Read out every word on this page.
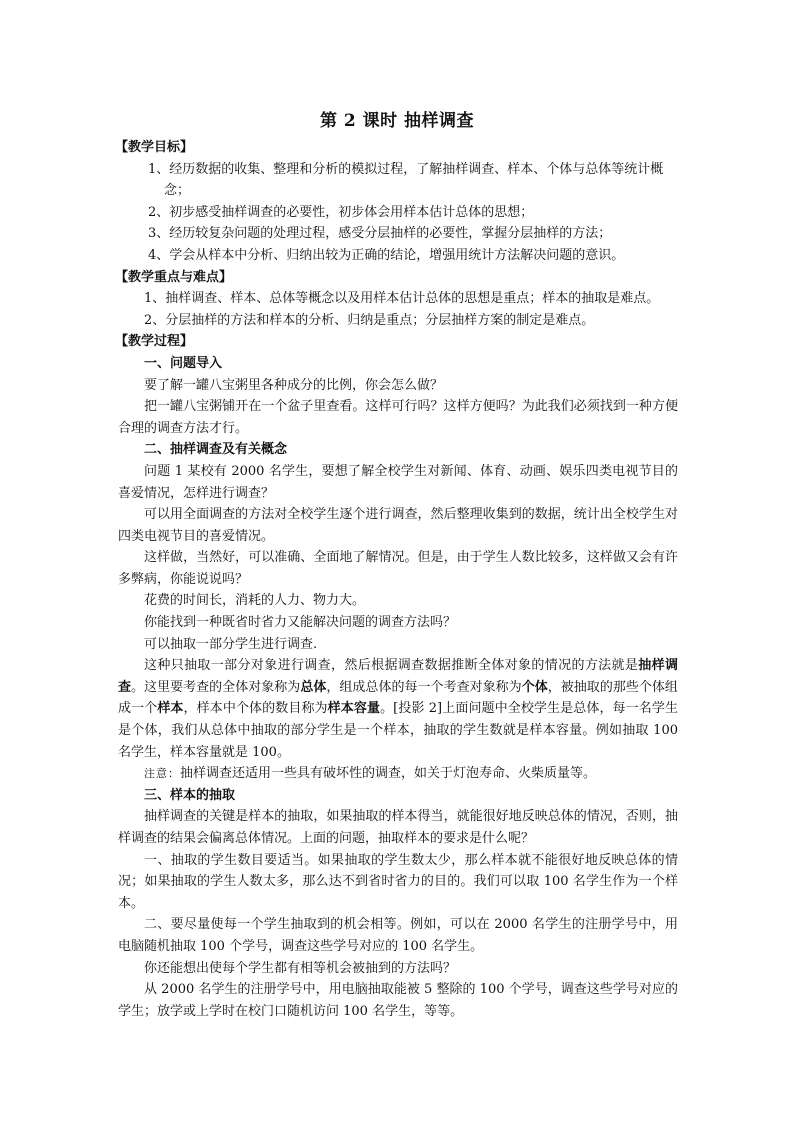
第 2 课时 抽样调查
【教学目标】
1、经历数据的收集、整理和分析的模拟过程，了解抽样调查、样本、个体与总体等统计概念；
2、初步感受抽样调查的必要性，初步体会用样本估计总体的思想；
3、经历较复杂问题的处理过程，感受分层抽样的必要性，掌握分层抽样的方法；
4、学会从样本中分析、归纳出较为正确的结论，增强用统计方法解决问题的意识。
【教学重点与难点】

1、抽样调查、样本、总体等概念以及用样本估计总体的思想是重点；样本的抽取是难点。

2、分层抽样的方法和样本的分析、归纳是重点；分层抽样方案的制定是难点。

【教学过程】
一、问题导入

要了解一罐八宝粥里各种成分的比例，你会怎么做？

把一罐八宝粥铺开在一个盆子里查看。这样可行吗？这样方便吗？为此我们必须找到一种方便合理的调查方法才行。

二、抽样调查及有关概念

问题 1 某校有 2000 名学生，要想了解全校学生对新闻、体育、动画、娱乐四类电视节目的喜爱情况，怎样进行调查？

可以用全面调查的方法对全校学生逐个进行调查，然后整理收集到的数据，统计出全校学生对四类电视节目的喜爱情况。

这样做，当然好，可以准确、全面地了解情况。但是，由于学生人数比较多，这样做又会有许多弊病，你能说说吗？

花费的时间长，消耗的人力、物力大。

你能找到一种既省时省力又能解决问题的调查方法吗？

可以抽取一部分学生进行调查.

这种只抽取一部分对象进行调查，然后根据调查数据推断全体对象的情况的方法就是抽样调查。这里要考查的全体对象称为总体，组成总体的每一个考查对象称为个体，被抽取的那些个体组成一个样本，样本中个体的数目称为样本容量。[投影 2]上面问题中全校学生是总体，每一名学生是个体，我们从总体中抽取的部分学生是一个样本，抽取的学生数就是样本容量。例如抽取 100 名学生，样本容量就是 100。

注意：抽样调查还适用一些具有破坏性的调查，如关于灯泡寿命、火柴质量等。

三、样本的抽取

抽样调查的关键是样本的抽取，如果抽取的样本得当，就能很好地反映总体的情况，否则，抽样调查的结果会偏离总体情况。上面的问题，抽取样本的要求是什么呢？

一、抽取的学生数目要适当。如果抽取的学生数太少，那么样本就不能很好地反映总体的情况；如果抽取的学生人数太多，那么达不到省时省力的目的。我们可以取 100 名学生作为一个样本。

二、要尽量使每一个学生抽取到的机会相等。例如，可以在 2000 名学生的注册学号中，用电脑随机抽取 100 个学号，调查这些学号对应的 100 名学生。

你还能想出使每个学生都有相等机会被抽到的方法吗？

从 2000 名学生的注册学号中，用电脑抽取能被 5 整除的 100 个学号，调查这些学号对应的学生；放学或上学时在校门口随机访问 100 名学生，等等。
